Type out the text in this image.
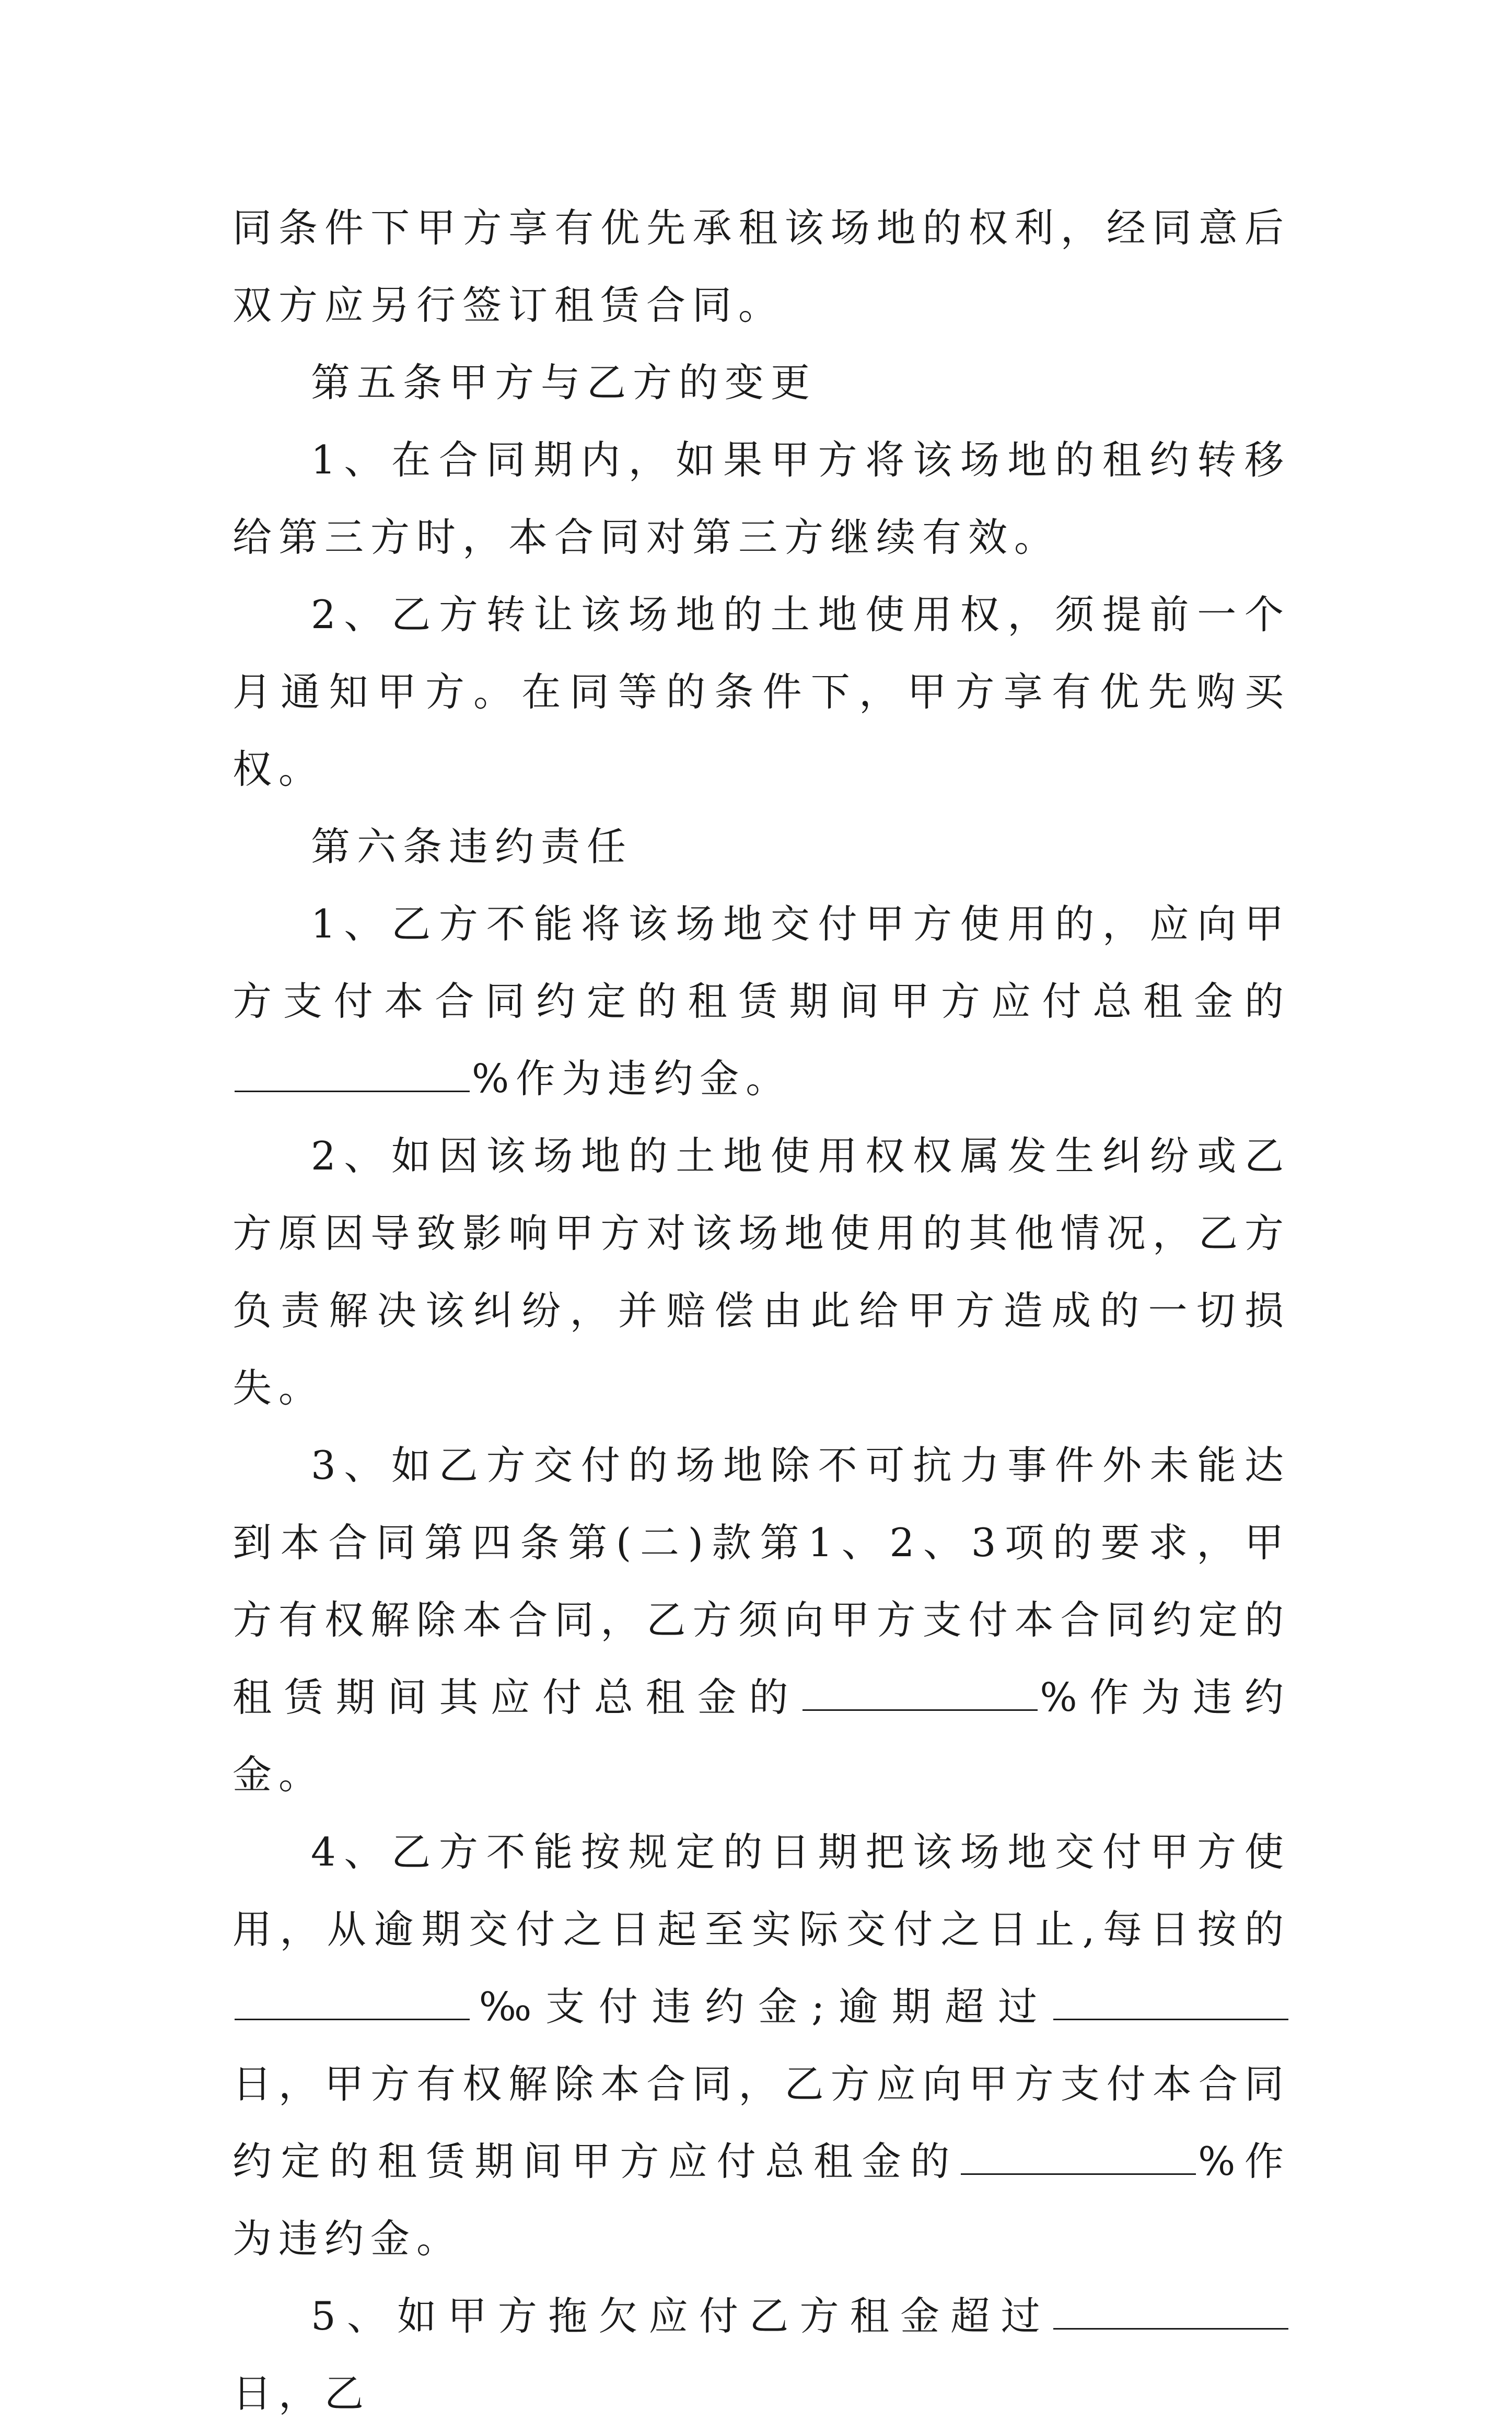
同条件下甲方享有优先承租该场地的权利，经同意后双方应另行签订租赁合同。

第五条甲方与乙方的变更

1、在合同期内，如果甲方将该场地的租约转移给第三方时，本合同对第三方继续有效。

2、乙方转让该场地的土地使用权，须提前一个月通知甲方。在同等的条件下，甲方享有优先购买权。

第六条违约责任

1、乙方不能将该场地交付甲方使用的，应向甲方支付本合同约定的租赁期间甲方应付总租金的%作为违约金。

2、如因该场地的土地使用权权属发生纠纷或乙方原因导致影响甲方对该场地使用的其他情况，乙方负责解决该纠纷，并赔偿由此给甲方造成的一切损失。

3、如乙方交付的场地除不可抗力事件外未能达到本合同第四条第(二)款第1、2、3项的要求，甲方有权解除本合同，乙方须向甲方支付本合同约定的租赁期间其应付总租金的	%作为违约金。

4、乙方不能按规定的日期把该场地交付甲方使用，从逾期交付之日起至实际交付之日止,每日按的‰支付违约金;逾期超过日，甲方有权解除本合同，乙方应向甲方支付本合同约定的租赁期间甲方应付总租金的	%作为违约金。

5、如甲方拖欠应付乙方租金超过日，乙
